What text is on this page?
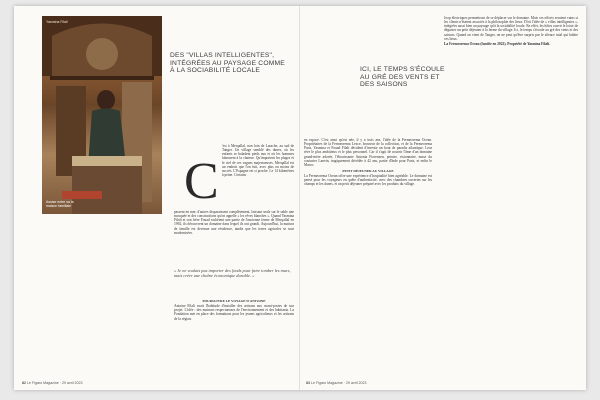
Yasmina Filali
Assise entre sa la maison familiale
DES "VILLAS INTELLIGENTES", INTÉGRÉES AU PAYSAGE COMME À LA SOCIABILITÉ LOCALE
C

'est à Merqallal, non loin de Larache, au sud de Tanger. Un village semblé des dunes, où les enfants se baladent pieds nus et où les hommes labourent à la charrue. Qu'importent les plages et le ciel de ces vagues majestueuses. Merqallal est un endroit que l'on fuit, avec plus ou moins de succès. L'Espagne est si proche. Le 14 kilomètres à peine. Certains

passent en mer, d'autres disparaissent complètement, laissant seuls sur le sable une mosquée et des constructions qu'on appelle « les rêves blanches ». Quand Yasmina Filali et son frère Fouad rachètent une partie de l'ancienne ferme de Merqallal en 1992, ils découvrent un domaine dans lequel ils ont grandi. Aujourd'hui, la maison de famille est devenue une résidence, tandis que les terres agricoles se sont modernisées.

« Je ne voulais pas importer des fonds pour faire tomber les murs, mais créer une chaîne économique durable. »
POURSUIVRE LE VOYAGE D'ANTOINE

Antoine Filali avait l'habitude d'installer des artisans aux avant-postes de son projet. L'idée : des maisons respectueuses de l'environnement et des habitants. La Fondation met en place des formations pour les jeunes agriculteurs et les artisans de la région.

82 Le Figaro Magazine · 29 avril 2023
ICI, LE TEMPS S'ÉCOULE AU GRÉ DES VENTS ET DES SAISONS

en espace. C'est ainsi qu'est née, il y a trois ans, l'idée de la Fermeorema Ocean. Propriétaires de la Fermeorema Lexce, brosseur de la collection, et de la Fermeorema Paris, Yasmina et Fouad Filali décident d'investir un bout de paradis atlantique. Leur rêve le plus ambitieux et le plus personnel. Car il s'agit de nourrir l'âme d'un domaine grand-mère adorée, l'ébouissante Antonia Fiorenzen, peintre, visionnaire, muse du couturier Lanvin, tragiquement décédée à 42 ans, partie d'Inde pour Paris, et enfin le Maroc.

PETIT DÉJEUNER AU VILLAGE

La Fermeorema Ocean offre une expérience d'hospitalité bien agréable. Le domaine est pensé pour les voyageurs en quête d'authenticité, avec des chambres ouvertes sur les champs et les dunes, et un petit déjeuner préparé avec les produits du village.

Joop électriques permettront de se déplacer sur le domaine. Mais ces efforts seraient vains si les clients n'étaient associés à la philosophie des lieux. D'où l'idée de « villas intelligentes », intégrées aussi bien au paysage qu'à la sociabilité locale. En effet, les hôtes ouvrir le loisir de déguster un petit déjeuner à la ferme du village. Ici, le temps s'écoule au gré des vents et des saisons. Quand on vient de Tanger, on ne peut qu'être surpris par le silence total qui habite ces lieux.

La Fermeorema Ocean (fondée en 2022). Propriété de Yasmina Filali.

83 Le Figaro Magazine · 29 avril 2023
